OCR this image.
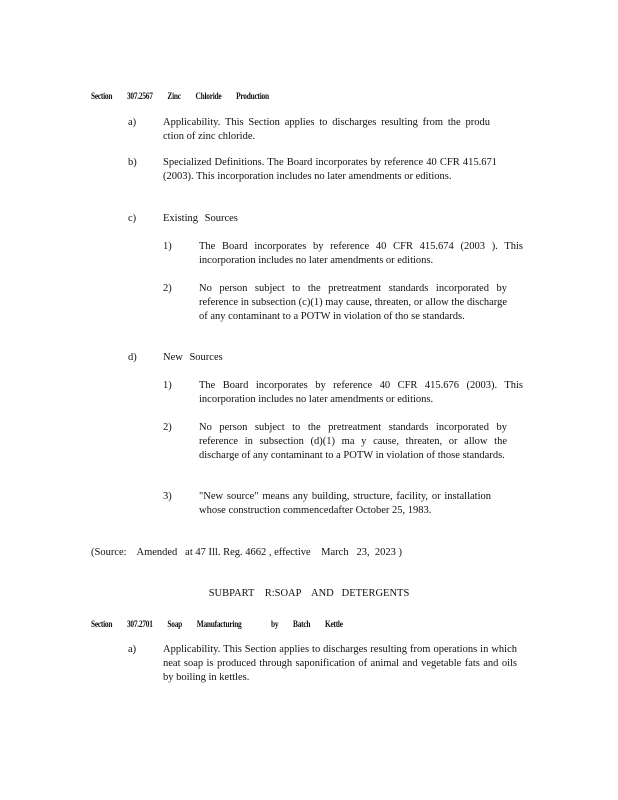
Section 307.2567 Zinc Chloride Production
a)	Applicability. This Section applies to discharges resulting from the produ ction of zinc chloride.
b)	Specialized Definitions. The Board incorporates by reference 40 CFR 415.671 (2003). This incorporation includes no later amendments or editions.
c)	Existing Sources
1)	The Board incorporates by reference 40 CFR 415.674 (2003 ). This incorporation includes no later amendments or editions.
2)	No person subject to the pretreatment standards incorporated by reference in subsection (c)(1) may cause, threaten, or allow the discharge of any contaminant to a POTW in violation of tho se standards.
d)	New Sources
1)	The Board incorporates by reference 40 CFR 415.676 (2003). This incorporation includes no later amendments or editions.
2)	No person subject to the pretreatment standards incorporated by reference in subsection (d)(1) ma y cause, threaten, or allow the discharge of any contaminant to a POTW in violation of those standards.
3)	"New source" means any building, structure, facility, or installation whose construction commencedafter October 25, 1983.
(Source:    Amended   at 47 Ill. Reg. 4662 , effective    March   23,  2023 )
SUBPART    R:SOAP    AND   DETERGENTS
Section 307.2701 Soap Manufacturing	by Batch Kettle
a)	Applicability. This Section applies to discharges resulting from operations in which neat soap is produced through saponification of animal and vegetable fats and oils by boiling in kettles.
